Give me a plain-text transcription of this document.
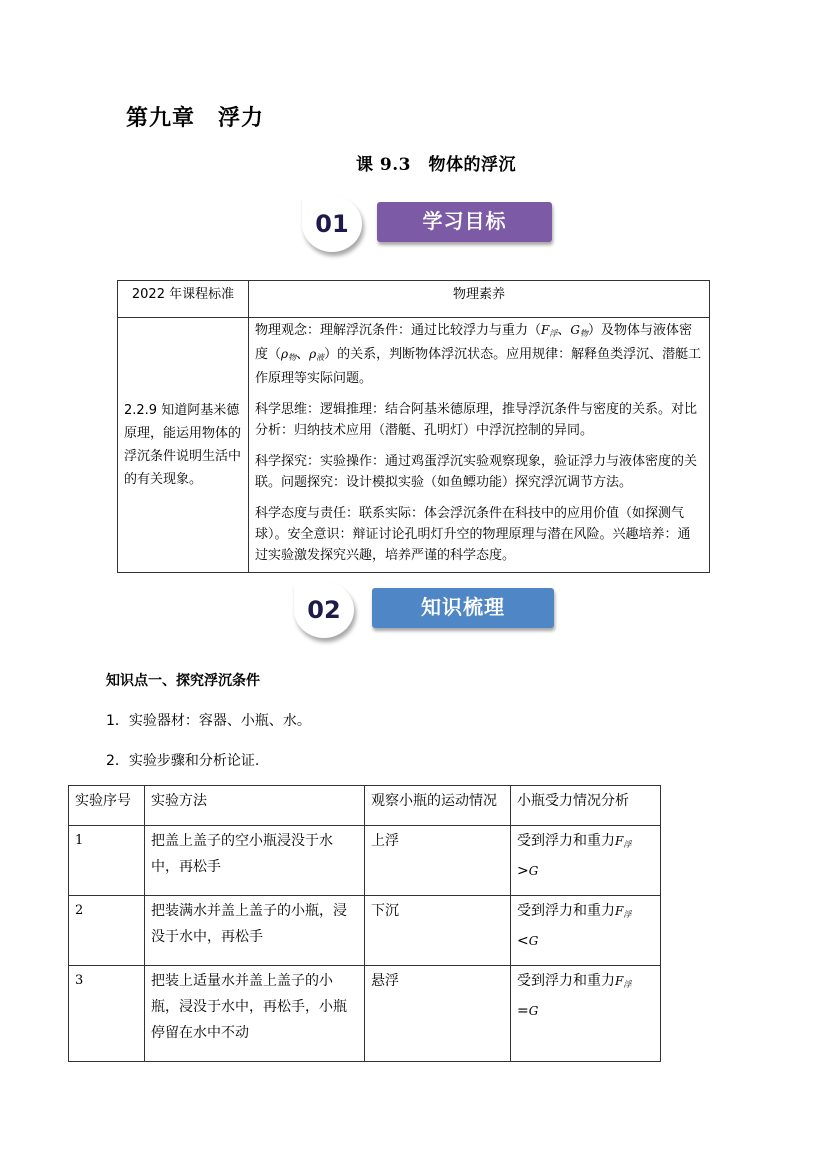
第九章　浮力
课 9.3　物体的浮沉
学习目标
01
2022 年课程标准	物理素养
2.2.9 知道阿基米德原理，能运用物体的浮沉条件说明生活中的有关现象。	物理观念：理解浮沉条件：通过比较浮力与重力（$F_浮$、$G_物$）及物体与液体密度（$\rho_物$、$\rho_液$）的关系，判断物体浮沉状态。应用规律：解释鱼类浮沉、潜艇工作原理等实际问题。

科学思维：逻辑推理：结合阿基米德原理，推导浮沉条件与密度的关系。对比分析：归纳技术应用（潜艇、孔明灯）中浮沉控制的异同。

科学探究：实验操作：通过鸡蛋浮沉实验观察现象，验证浮力与液体密度的关联。问题探究：设计模拟实验（如鱼鳔功能）探究浮沉调节方法。

科学态度与责任：联系实际：体会浮沉条件在科技中的应用价值（如探测气球）。安全意识：辩证讨论孔明灯升空的物理原理与潜在风险。兴趣培养：通过实验激发探究兴趣，培养严谨的科学态度。

知识梳理
02
知识点一、探究浮沉条件
1．实验器材：容器、小瓶、水。
2．实验步骤和分析论证.
实验序号	实验方法	观察小瓶的运动情况	小瓶受力情况分析
1	把盖上盖子的空小瓶浸没于水中，再松手	上浮	受到浮力和重力$F_浮$
>G
2	把装满水并盖上盖子的小瓶，浸没于水中，再松手	下沉	受到浮力和重力$F_浮$
<G
3	把装上适量水并盖上盖子的小瓶，浸没于水中，再松手，小瓶停留在水中不动	悬浮	受到浮力和重力$F_浮$
=G
